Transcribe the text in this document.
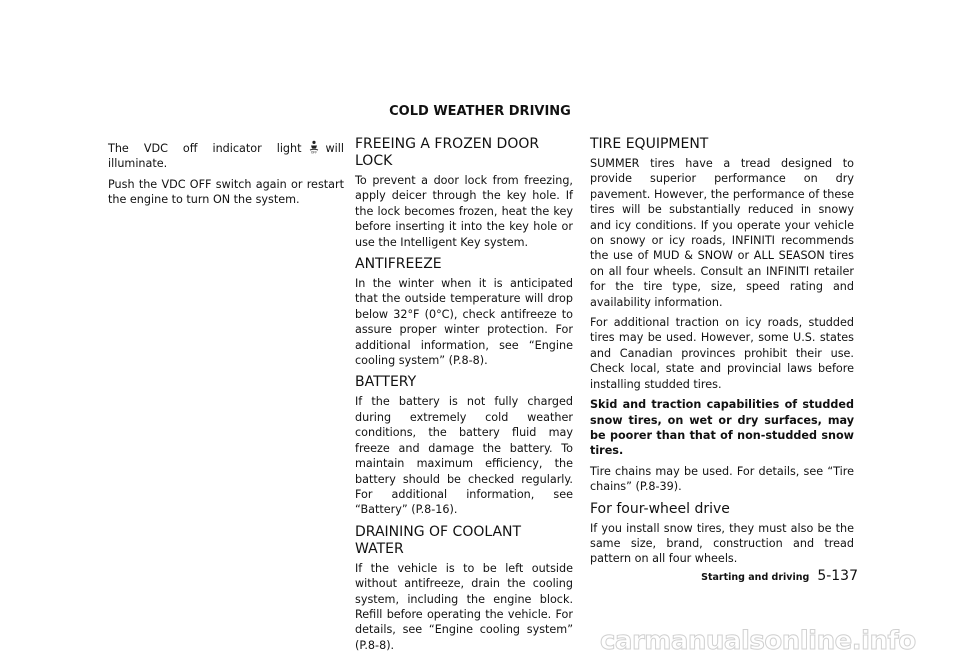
COLD WEATHER DRIVING

The VDC off indicator light	OFF will illuminate.

Push the VDC OFF switch again or restart the engine to turn ON the system.

FREEING A FROZEN DOOR LOCK

To prevent a door lock from freezing, apply deicer through the key hole. If the lock becomes frozen, heat the key before inserting it into the key hole or use the Intelligent Key system.

ANTIFREEZE

In the winter when it is anticipated that the outside temperature will drop below 32°F (0°C), check antifreeze to assure proper winter protection. For additional information, see “Engine cooling system” (P.8-8).

BATTERY

If the battery is not fully charged during extremely cold weather conditions, the battery fluid may freeze and damage the battery. To maintain maximum efficiency, the battery should be checked regularly. For additional information, see “Battery” (P.8-16).

DRAINING OF COOLANT WATER

If the vehicle is to be left outside without antifreeze, drain the cooling system, including the engine block. Refill before operating the vehicle. For details, see “Engine cooling system” (P.8-8).

TIRE EQUIPMENT

SUMMER tires have a tread designed to provide superior performance on dry pavement. However, the performance of these tires will be substantially reduced in snowy and icy conditions. If you operate your vehicle on snowy or icy roads, INFINITI recommends the use of MUD & SNOW or ALL SEASON tires on all four wheels. Consult an INFINITI retailer for the tire type, size, speed rating and availability information.

For additional traction on icy roads, studded tires may be used. However, some U.S. states and Canadian provinces prohibit their use. Check local, state and provincial laws before installing studded tires.

Skid and traction capabilities of studded snow tires, on wet or dry surfaces, may be poorer than that of non-studded snow tires.

Tire chains may be used. For details, see “Tire chains” (P.8-39).

For four-wheel drive

If you install snow tires, they must also be the same size, brand, construction and tread pattern on all four wheels.

Starting and driving 5-137
carmanualsonline.info
